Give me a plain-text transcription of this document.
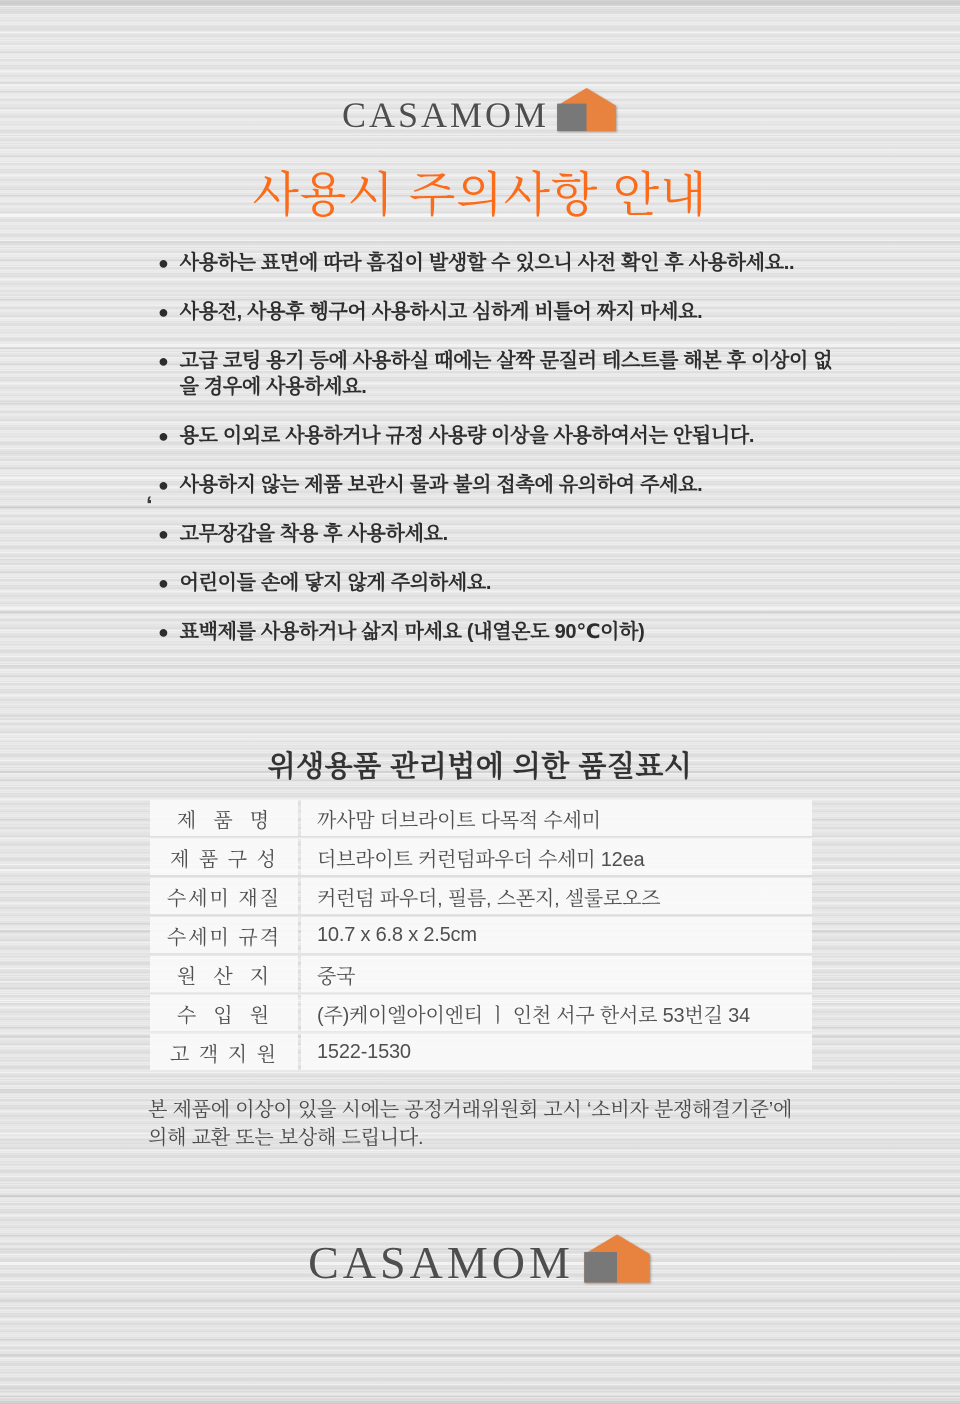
CASAMOM
사용시 주의사항 안내
● 사용하는 표면에 따라 흠집이 발생할 수 있으니 사전 확인 후 사용하세요..
● 사용전, 사용후 헹구어 사용하시고 심하게 비틀어 짜지 마세요.
● 고급 코팅 용기 등에 사용하실 때에는 살짝 문질러 테스트를 해본 후 이상이 없을 경우에 사용하세요.
● 용도 이외로 사용하거나 규정 사용량 이상을 사용하여서는 안됩니다.
● 사용하지 않는 제품 보관시 물과 불의 접촉에 유의하여 주세요.
● 고무장갑을 착용 후 사용하세요.
● 어린이들 손에 닿지 않게 주의하세요.
● 표백제를 사용하거나 삶지 마세요 (내열온도 90℃이하)
‘
위생용품 관리법에 의한 품질표시
제  품  명	까사맘 더브라이트 다목적 수세미
제 품 구 성	더브라이트 커런덤파우더 수세미 12ea
수세미 재질	커런덤 파우더, 필름, 스폰지, 셀룰로오즈
수세미 규격	10.7 x 6.8 x 2.5cm
원  산  지	중국
수  입  원	(주)케이엘아이엔티 ㅣ 인천 서구 한서로 53번길 34
고 객 지 원	1522-1530
본 제품에 이상이 있을 시에는 공정거래위원회 고시 ‘소비자 분쟁해결기준’에
의해 교환 또는 보상해 드립니다.
CASAMOM
